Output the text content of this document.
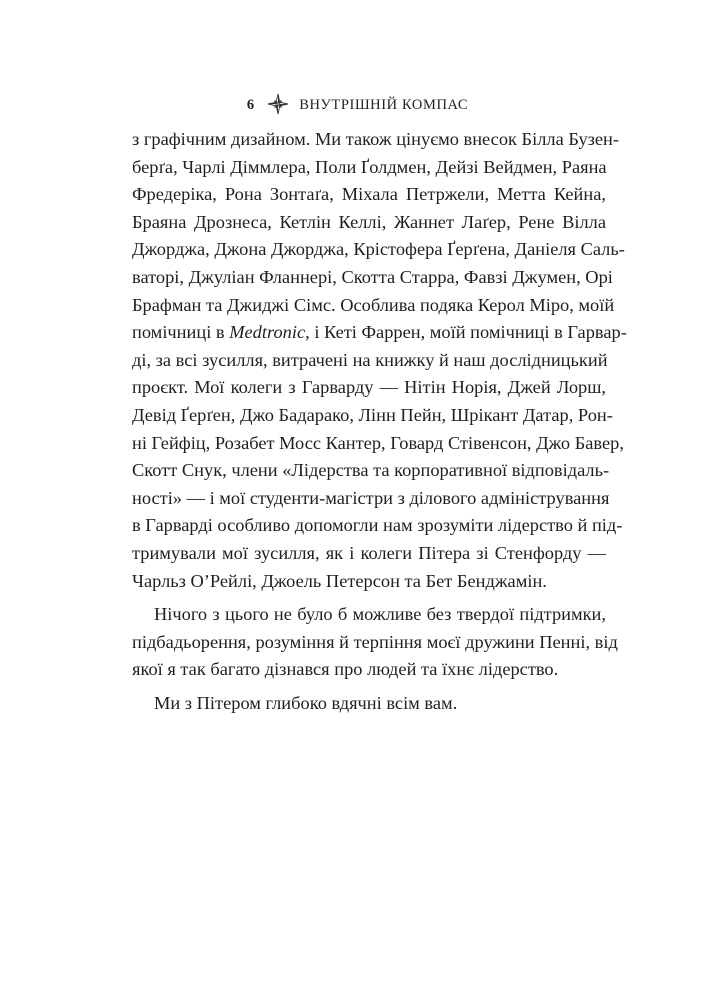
6	ВНУТРІШНІЙ КОМПАС
з графічним дизайном. Ми також цінуємо внесок Білла Бузен-
берґа, Чарлі Діммлера, Поли Ґолдмен, Дейзі Вейдмен, Раяна
Фредеріка, Рона Зонтаґа, Міхала Петржели, Метта Кейна,
Браяна Дрознеса, Кетлін Келлі, Жаннет Лаґер, Рене Вілла
Джорджа, Джона Джорджа, Крістофера Ґерґена, Даніеля Саль-
ваторі, Джуліан Фланнері, Скотта Старра, Фавзі Джумен, Орі
Брафман та Джиджі Сімс. Особлива подяка Керол Міро, моїй
помічниці в Medtronic, і Кеті Фаррен, моїй помічниці в Гарвар-
ді, за всі зусилля, витрачені на книжку й наш дослідницький
проєкт. Мої колеги з Гарварду — Нітін Норія, Джей Лорш,
Девід Ґерґен, Джо Бадарако, Лінн Пейн, Шрікант Датар, Рон-
ні Гейфіц, Розабет Мосс Кантер, Говард Стівенсон, Джо Бавер,
Скотт Снук, члени «Лідерства та корпоративної відповідаль-
ності» — і мої студенти-магістри з ділового адміністрування
в Гарварді особливо допомогли нам зрозуміти лідерство й під-
тримували мої зусилля, як і колеги Пітера зі Стенфорду —
Чарльз О’Рейлі, Джоель Петерсон та Бет Бенджамін.
Нічого з цього не було б можливе без твердої підтримки,
підбадьорення, розуміння й терпіння моєї дружини Пенні, від
якої я так багато дізнався про людей та їхнє лідерство.
Ми з Пітером глибоко вдячні всім вам.
